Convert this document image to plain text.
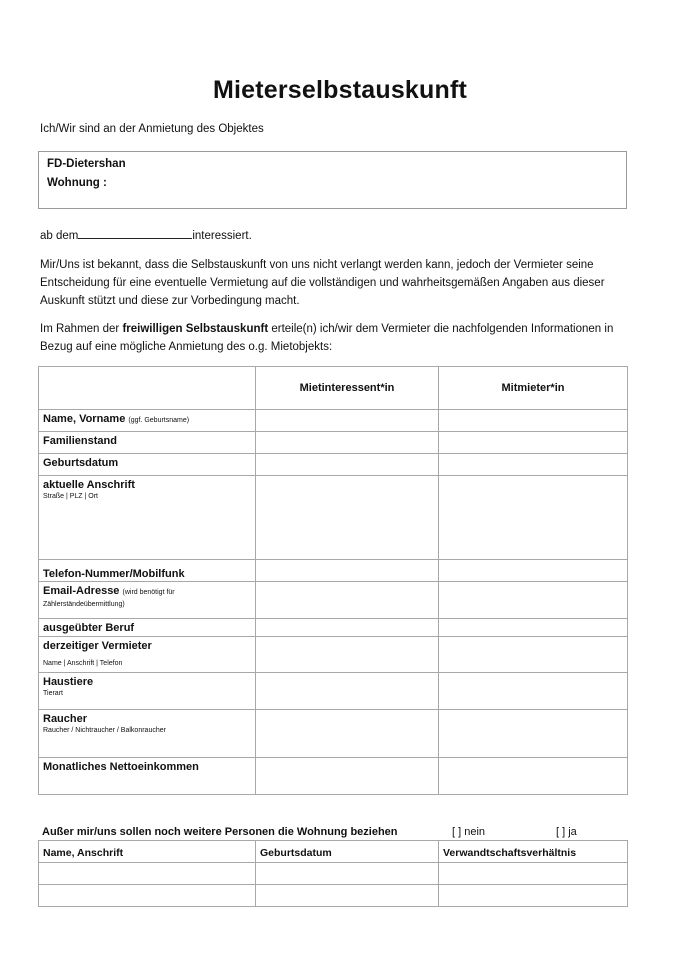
Mieterselbstauskunft
Ich/Wir sind an der Anmietung des Objektes
FD-Dietershan
Wohnung :
ab dem	interessiert.
Mir/Uns ist bekannt, dass die Selbstauskunft von uns nicht verlangt werden kann, jedoch der Vermieter seine Entscheidung für eine eventuelle Vermietung auf die vollständigen und wahrheitsgemäßen Angaben aus dieser Auskunft stützt und diese zur Vorbedingung macht.
Im Rahmen der freiwilligen Selbstauskunft erteile(n) ich/wir dem Vermieter die nachfolgenden Informationen in Bezug auf eine mögliche Anmietung des o.g. Mietobjekts:
	Mietinteressent*in	Mitmieter*in
Name, Vorname (ggf. Geburtsname)		
Familienstand		
Geburtsdatum		
aktuelle Anschrift
Straße | PLZ | Ort		

Telefon-Nummer/Mobilfunk		
Email-Adresse (wird benötigt für Zählerständeübermittlung)		
ausgeübter Beruf		
derzeitiger Vermieter
Name | Anschrift | Telefon		

Haustiere
Tierart		

Raucher
Raucher / Nichtraucher / Balkonraucher		

Monatliches Nettoeinkommen		
Außer mir/uns sollen noch weitere Personen die Wohnung beziehen	[ ] nein	[ ] ja
Name, Anschrift	Geburtsdatum	Verwandtschaftsverhältnis
